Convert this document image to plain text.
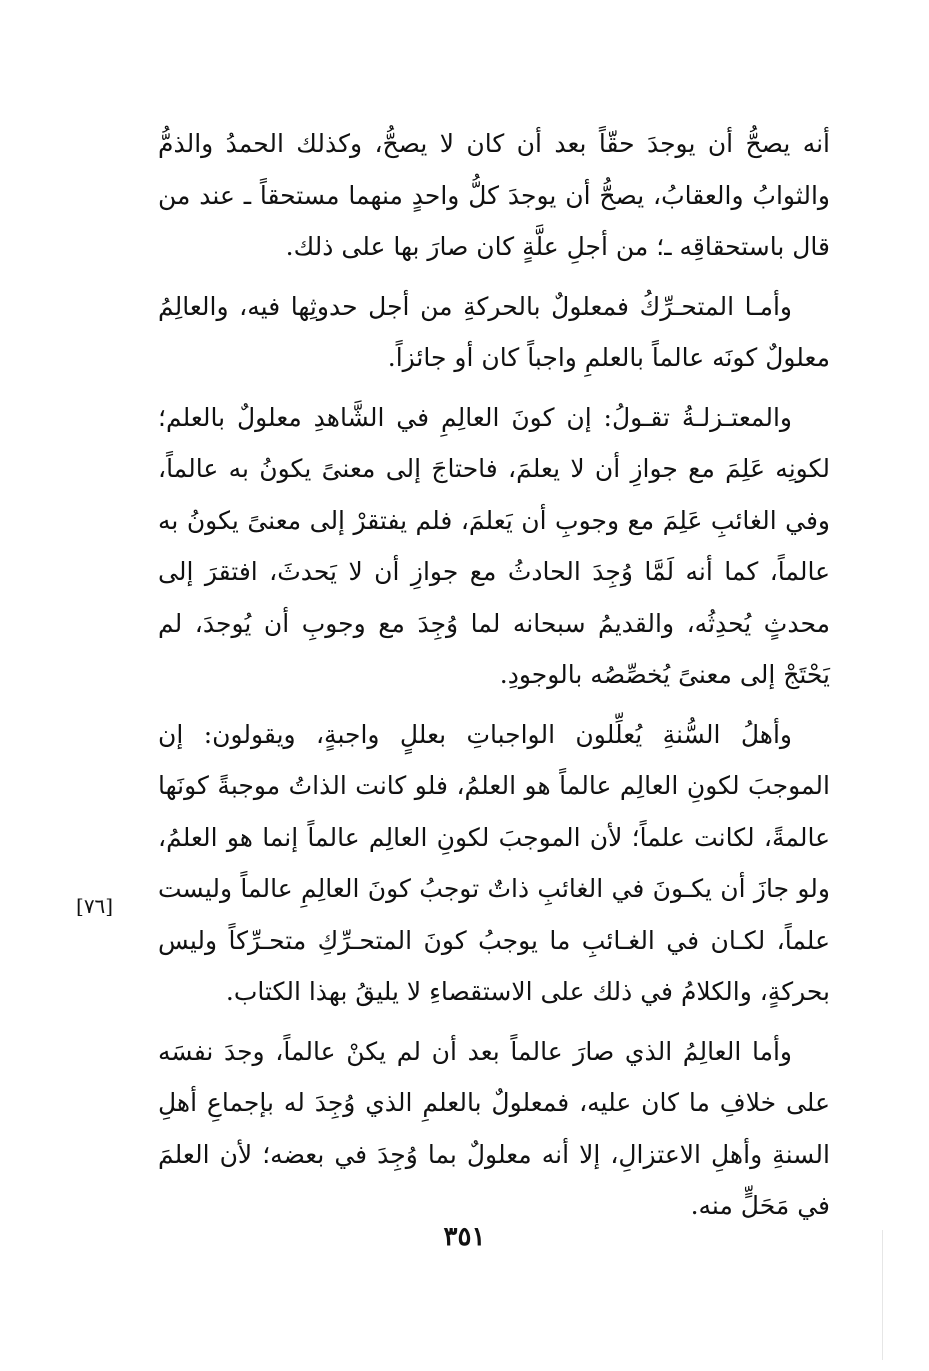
أنه يصحُّ أن يوجدَ حقّاً بعد أن كان لا يصحُّ، وكذلك الحمدُ والذمُّ والثوابُ والعقابُ، يصحُّ أن يوجدَ كلُّ واحدٍ منهما مستحقاً ـ عند من قال باستحقاقِه ـ؛ من أجلِ علَّةٍ كان صارَ بها على ذلك.

وأمـا المتحـرِّكُ فمعلولٌ بالحركةِ من أجل حدوثِها فيه، والعالِمُ معلولٌ كونَه عالماً بالعلمِ واجباً كان أو جائزاً.

والمعتـزلـةُ تقـولُ: إن كونَ العالِمِ في الشَّاهدِ معلولٌ بالعلم؛ لكونِه عَلِمَ مع جوازِ أن لا يعلمَ، فاحتاجَ إلى معنىً يكونُ به عالماً، وفي الغائبِ عَلِمَ مع وجوبِ أن يَعلمَ، فلم يفتقرْ إلى معنىً يكونُ به عالماً، كما أنه لَمَّا وُجِدَ الحادثُ مع جوازِ أن لا يَحدثَ، افتقرَ إلى محدثٍ يُحدِثُه، والقديمُ سبحانه لما وُجِدَ مع وجوبِ أن يُوجدَ، لم يَحْتَجْ إلى معنىً يُخصِّصُه بالوجودِ.

وأهلُ السُّنةِ يُعلِّلون الواجباتِ بعللٍ واجبةٍ، ويقولون: إن الموجبَ لكونِ العالِم عالماً هو العلمُ، فلو كانت الذاتُ موجبةً كونَها عالمةً، لكانت علماً؛ لأن الموجبَ لكونِ العالِم عالماً إنما هو العلمُ، ولو جازَ أن يكـونَ في الغائبِ ذاتٌ توجبُ كونَ العالِمِ عالماً وليست علماً، لكـان في الغـائبِ ما يوجبُ كونَ المتحـرِّكِ متحـرِّكاً وليس بحركةٍ، والكلامُ في ذلك على الاستقصاءِ لا يليقُ بهذا الكتاب.

وأما العالِمُ الذي صارَ عالماً بعد أن لم يكنْ عالماً، وجدَ نفسَه على خلافِ ما كان عليه، فمعلولٌ بالعلمِ الذي وُجِدَ له بإجماعِ أهلِ السنةِ وأهلِ الاعتزالِ، إلا أنه معلولٌ بما وُجِدَ في بعضه؛ لأن العلمَ في مَحَلٍّ منه.

[٧٦]
٣٥١
